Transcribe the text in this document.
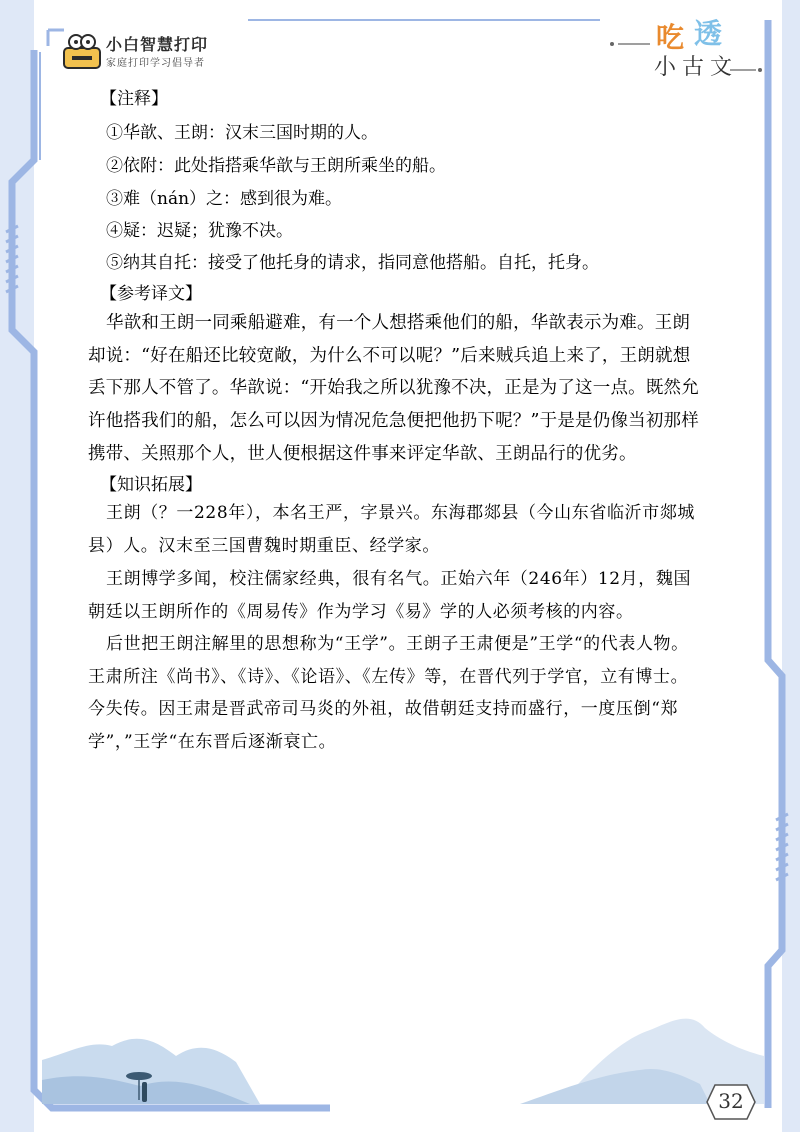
小白智慧打印
家庭打印学习倡导者
吃 透
小古文
【注释】
①华歆、王朗：汉末三国时期的人。
②依附：此处指搭乘华歆与王朗所乘坐的船。
③难（nán）之：感到很为难。
④疑：迟疑；犹豫不决。
⑤纳其自托：接受了他托身的请求，指同意他搭船。自托，托身。
【参考译文】
华歆和王朗一同乘船避难，有一个人想搭乘他们的船，华歆表示为难。王朗却说：“好在船还比较宽敞，为什么不可以呢？”后来贼兵追上来了，王朗就想丢下那人不管了。华歆说：“开始我之所以犹豫不决，正是为了这一点。既然允许他搭我们的船，怎么可以因为情况危急便把他扔下呢？”于是是仍像当初那样携带、关照那个人，世人便根据这件事来评定华歆、王朗品行的优劣。
【知识拓展】
王朗（？一228年），本名王严，字景兴。东海郡郯县（今山东省临沂市郯城县）人。汉末至三国曹魏时期重臣、经学家。
王朗博学多闻，校注儒家经典，很有名气。正始六年（246年）12月，魏国朝廷以王朗所作的《周易传》作为学习《易》学的人必须考核的内容。
后世把王朗注解里的思想称为“王学”。王朗子王肃便是”王学“的代表人物。王肃所注《尚书》、《诗》、《论语》、《左传》等，在晋代列于学官，立有博士。今失传。因王肃是晋武帝司马炎的外祖，故借朝廷支持而盛行，一度压倒“郑学”，”王学“在东晋后逐渐衰亡。
32
